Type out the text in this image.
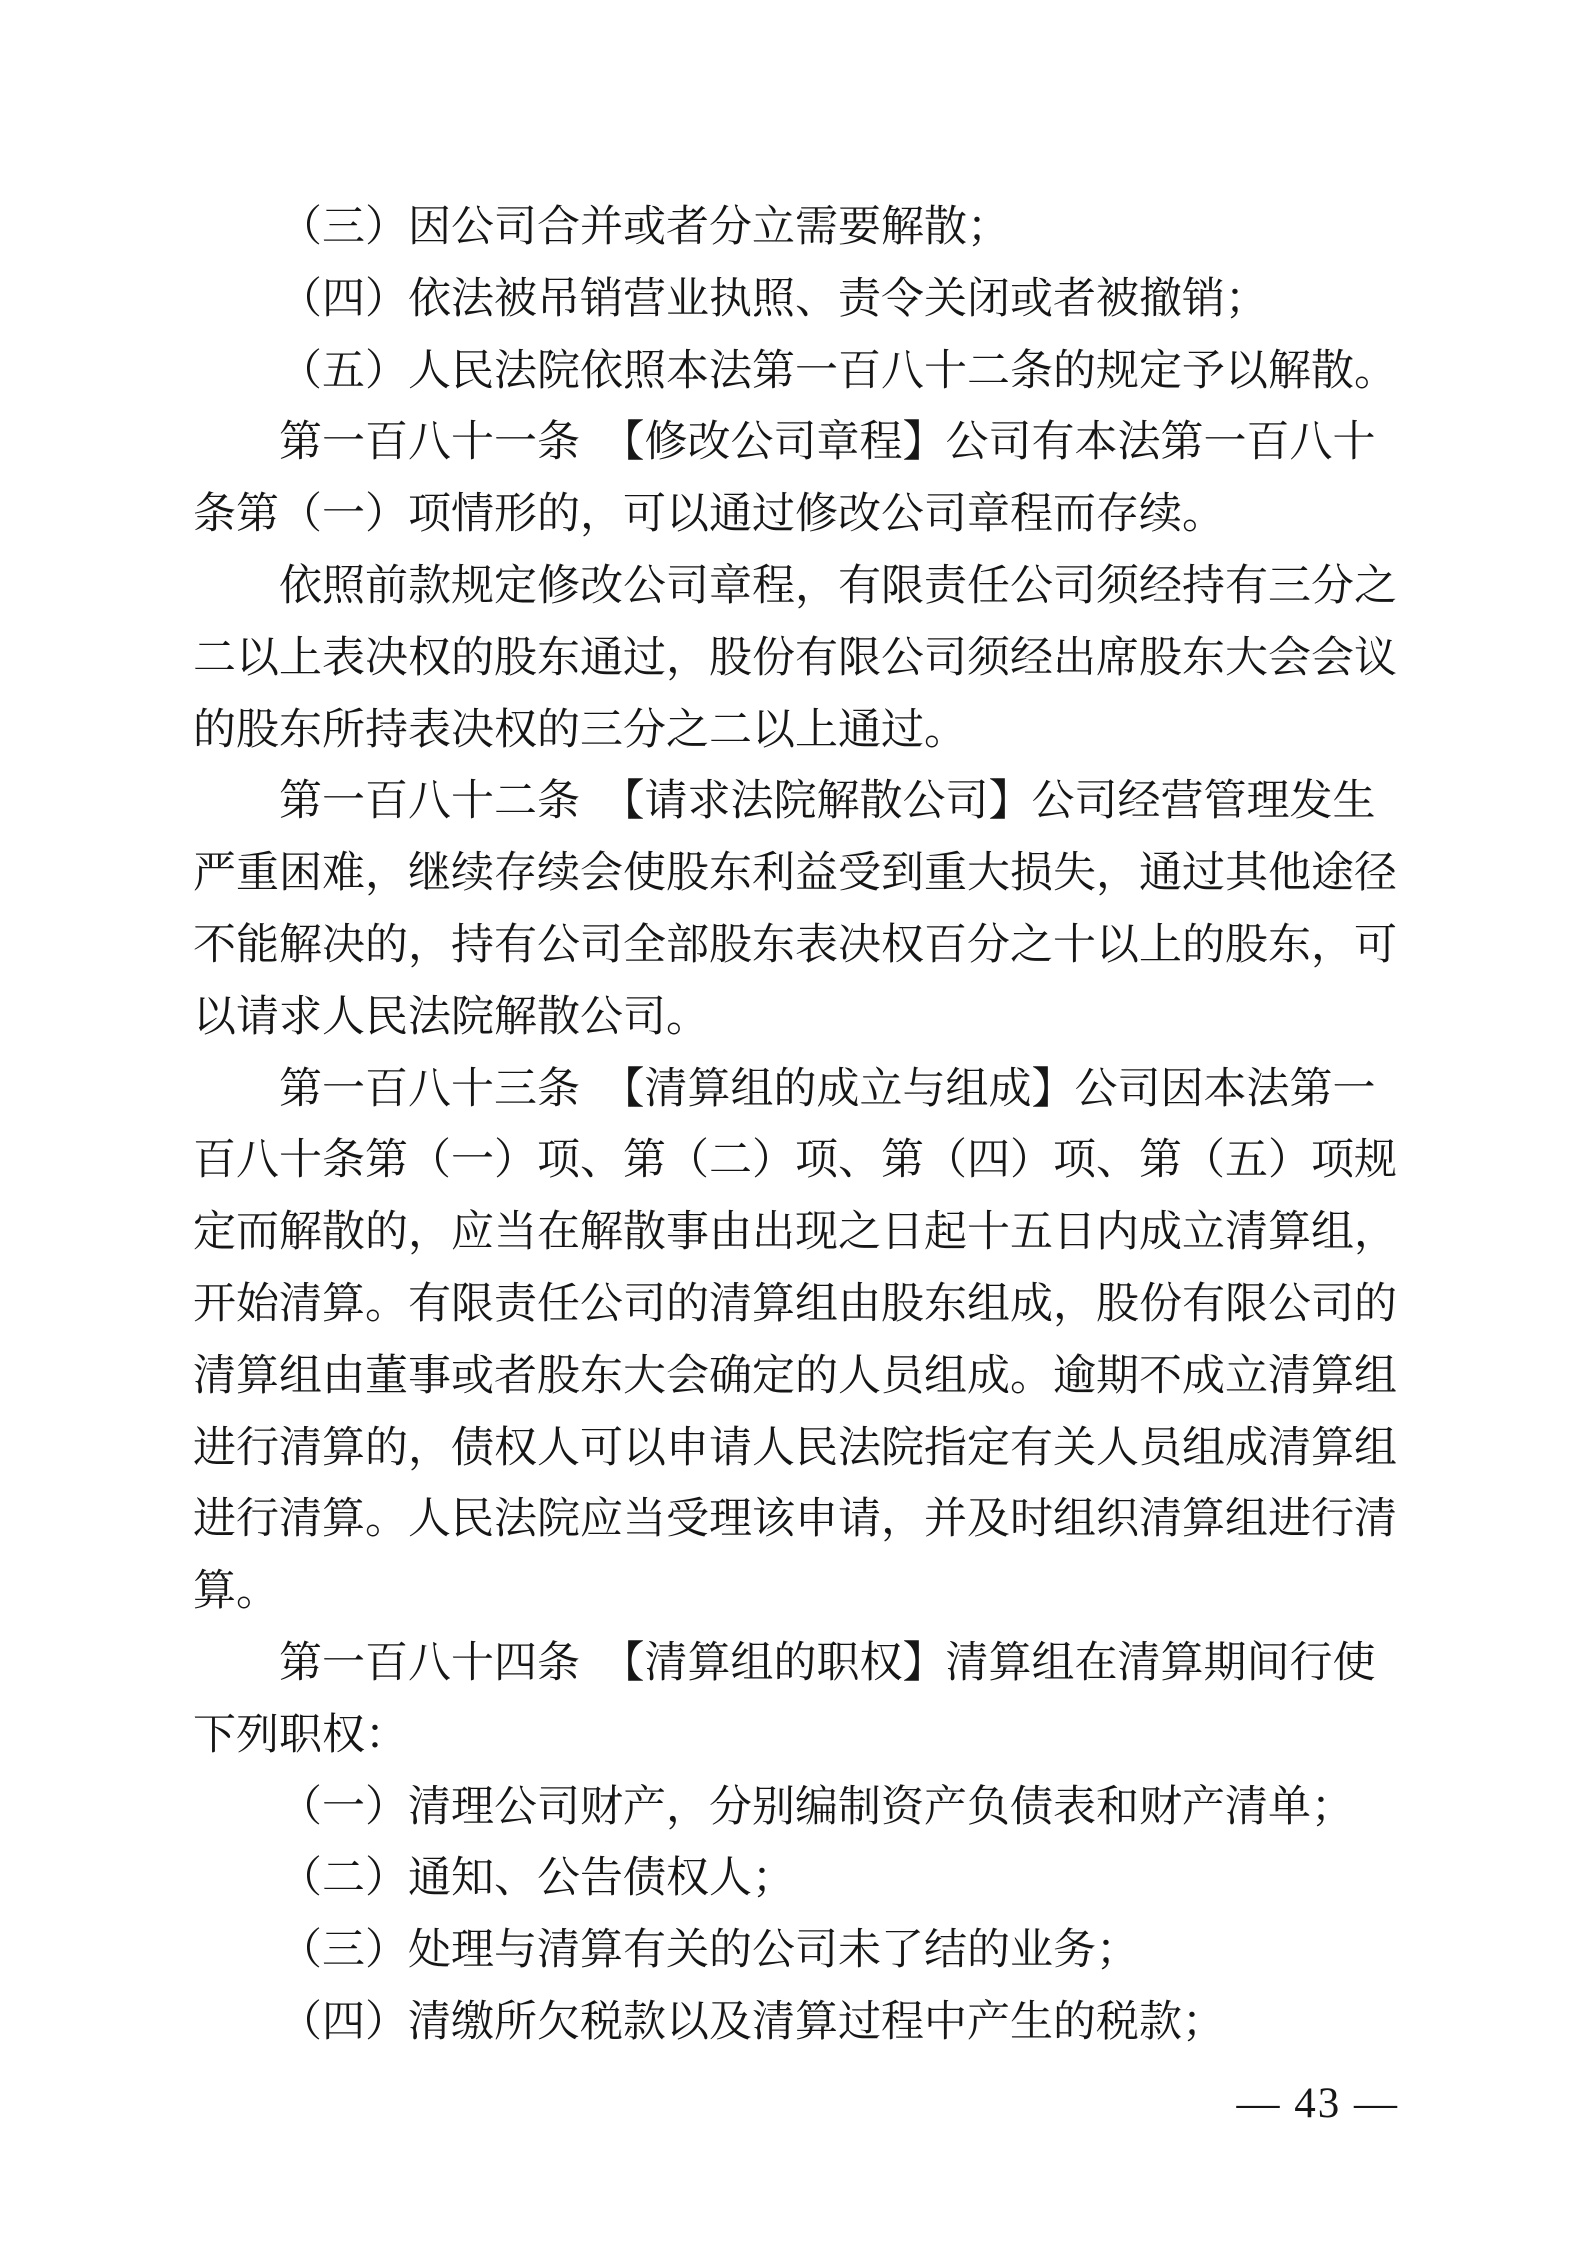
（三）因公司合并或者分立需要解散；
（四）依法被吊销营业执照、责令关闭或者被撤销；
（五）人民法院依照本法第一百八十二条的规定予以解散。
第一百八十一条　【修改公司章程】公司有本法第一百八十
条第（一）项情形的，可以通过修改公司章程而存续。
依照前款规定修改公司章程，有限责任公司须经持有三分之
二以上表决权的股东通过，股份有限公司须经出席股东大会会议
的股东所持表决权的三分之二以上通过。
第一百八十二条　【请求法院解散公司】公司经营管理发生
严重困难，继续存续会使股东利益受到重大损失，通过其他途径
不能解决的，持有公司全部股东表决权百分之十以上的股东，可
以请求人民法院解散公司。
第一百八十三条　【清算组的成立与组成】公司因本法第一
百八十条第（一）项、第（二）项、第（四）项、第（五）项规
定而解散的，应当在解散事由出现之日起十五日内成立清算组，
开始清算。有限责任公司的清算组由股东组成，股份有限公司的
清算组由董事或者股东大会确定的人员组成。逾期不成立清算组
进行清算的，债权人可以申请人民法院指定有关人员组成清算组
进行清算。人民法院应当受理该申请，并及时组织清算组进行清
算。
第一百八十四条　【清算组的职权】清算组在清算期间行使
下列职权：
（一）清理公司财产，分别编制资产负债表和财产清单；
（二）通知、公告债权人；
（三）处理与清算有关的公司未了结的业务；
（四）清缴所欠税款以及清算过程中产生的税款；
— 43 —
